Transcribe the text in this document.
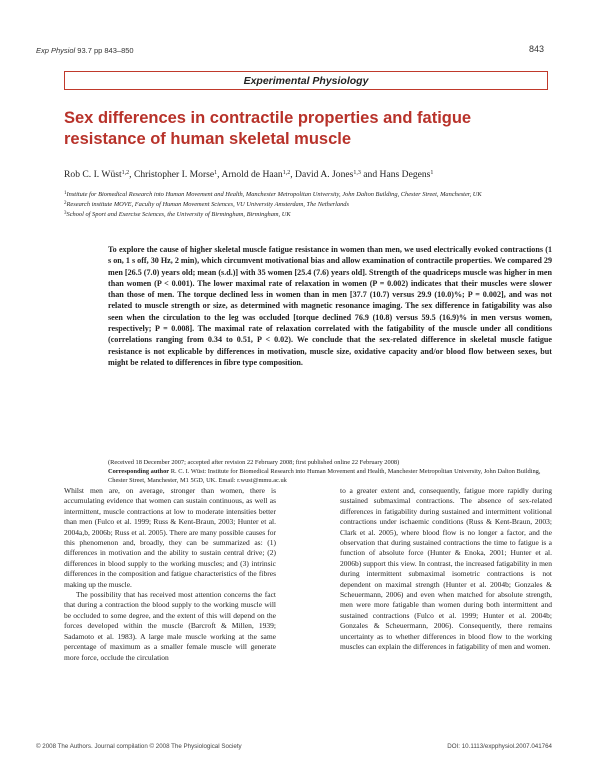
Exp Physiol 93.7 pp 843–850	843
Experimental Physiology
Sex differences in contractile properties and fatigue resistance of human skeletal muscle
Rob C. I. Wüst$^{1,2}$, Christopher I. Morse$^1$, Arnold de Haan$^{1,2}$, David A. Jones$^{1,3}$ and Hans Degens$^1$

$^1$Institute for Biomedical Research into Human Movement and Health, Manchester Metropolitan University, John Dalton Building, Chester Street, Manchester, UK

$^2$Research institute MOVE, Faculty of Human Movement Sciences, VU University Amsterdam, The Netherlands

$^3$School of Sport and Exercise Sciences, the University of Birmingham, Birmingham, UK

To explore the cause of higher skeletal muscle fatigue resistance in women than men, we used electrically evoked contractions (1 s on, 1 s off, 30 Hz, 2 min), which circumvent motivational bias and allow examination of contractile properties. We compared 29 men [26.5 (7.0) years old; mean (s.d.)] with 35 women [25.4 (7.6) years old]. Strength of the quadriceps muscle was higher in men than women (P < 0.001). The lower maximal rate of relaxation in women (P = 0.002) indicates that their muscles were slower than those of men. The torque declined less in women than in men [37.7 (10.7) versus 29.9 (10.0)%; P = 0.002], and was not related to muscle strength or size, as determined with magnetic resonance imaging. The sex difference in fatigability was also seen when the circulation to the leg was occluded [torque declined 76.9 (10.8) versus 59.5 (16.9)% in men versus women, respectively; P = 0.008]. The maximal rate of relaxation correlated with the fatigability of the muscle under all conditions (correlations ranging from 0.34 to 0.51, P < 0.02). We conclude that the sex-related difference in skeletal muscle fatigue resistance is not explicable by differences in motivation, muscle size, oxidative capacity and/or blood flow between sexes, but might be related to differences in fibre type composition.

(Received 18 December 2007; accepted after revision 22 February 2008; first published online 22 February 2008)

Corresponding author R. C. I. Wüst: Institute for Biomedical Research into Human Movement and Health, Manchester Metropolitan University, John Dalton Building, Chester Street, Manchester, M1 5GD, UK. Email: r.wust@mmu.ac.uk

Whilst men are, on average, stronger than women, there is accumulating evidence that women can sustain continuous, as well as intermittent, muscle contractions at low to moderate intensities better than men (Fulco et al. 1999; Russ & Kent-Braun, 2003; Hunter et al. 2004a,b, 2006b; Russ et al. 2005). There are many possible causes for this phenomenon and, broadly, they can be summarized as: (1) differences in motivation and the ability to sustain central drive; (2) differences in blood supply to the working muscles; and (3) intrinsic differences in the composition and fatigue characteristics of the fibres making up the muscle.

The possibility that has received most attention concerns the fact that during a contraction the blood supply to the working muscle will be occluded to some degree, and the extent of this will depend on the forces developed within the muscle (Barcroft & Millen, 1939; Sadamoto et al. 1983). A large male muscle working at the same percentage of maximum as a smaller female muscle will generate more force, occlude the circulation

to a greater extent and, consequently, fatigue more rapidly during sustained submaximal contractions. The absence of sex-related differences in fatigability during sustained and intermittent volitional contractions under ischaemic conditions (Russ & Kent-Braun, 2003; Clark et al. 2005), where blood flow is no longer a factor, and the observation that during sustained contractions the time to fatigue is a function of absolute force (Hunter & Enoka, 2001; Hunter et al. 2006b) support this view. In contrast, the increased fatigability in men during intermittent submaximal isometric contractions is not dependent on maximal strength (Hunter et al. 2004b; Gonzales & Scheuermann, 2006) and even when matched for absolute strength, men were more fatigable than women during both intermittent and sustained contractions (Fulco et al. 1999; Hunter et al. 2004b; Gonzales & Scheuermann, 2006). Consequently, there remains uncertainty as to whether differences in blood flow to the working muscles can explain the differences in fatigability of men and women.

© 2008 The Authors. Journal compilation © 2008 The Physiological Society	DOI: 10.1113/expphysiol.2007.041764
